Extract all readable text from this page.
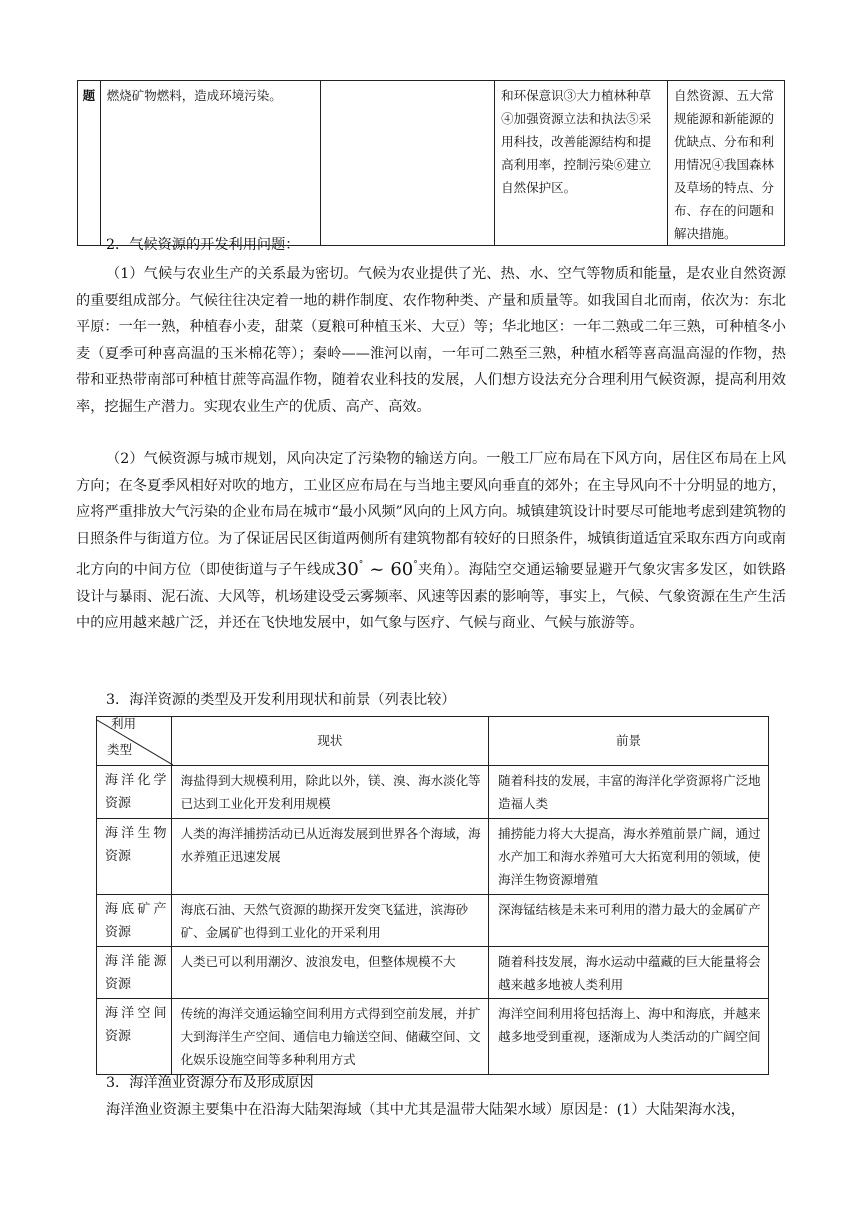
题	燃烧矿物燃料，造成环境污染。		和环保意识③大力植林种草④加强资源立法和执法⑤采用科技，改善能源结构和提高利用率，控制污染⑥建立自然保护区。	自然资源、五大常规能源和新能源的优缺点、分布和利用情况④我国森林及草场的特点、分布、存在的问题和解决措施。
2．气候资源的开发利用问题：
（1）气候与农业生产的关系最为密切。气候为农业提供了光、热、水、空气等物质和能量，是农业自然资源的重要组成部分。气候往往决定着一地的耕作制度、农作物种类、产量和质量等。如我国自北而南，依次为：东北平原：一年一熟，种植春小麦，甜菜（夏粮可种植玉米、大豆）等；华北地区：一年二熟或二年三熟，可种植冬小麦（夏季可种喜高温的玉米棉花等）；秦岭——淮河以南，一年可二熟至三熟，种植水稻等喜高温高湿的作物，热带和亚热带南部可种植甘蔗等高温作物，随着农业科技的发展，人们想方设法充分合理利用气候资源，提高利用效率，挖掘生产潜力。实现农业生产的优质、高产、高效。
（2）气候资源与城市规划，风向决定了污染物的输送方向。一般工厂应布局在下风方向，居住区布局在上风方向；在冬夏季风相好对吹的地方，工业区应布局在与当地主要风向垂直的郊外；在主导风向不十分明显的地方，应将严重排放大气污染的企业布局在城市“最小风频”风向的上风方向。城镇建筑设计时要尽可能地考虑到建筑物的日照条件与街道方位。为了保证居民区街道两侧所有建筑物都有较好的日照条件，城镇街道适宜采取东西方向或南北方向的中间方位（即使街道与子午线成30° ~ 60°夹角）。海陆空交通运输要显避开气象灾害多发区，如铁路设计与暴雨、泥石流、大风等，机场建设受云雾频率、风速等因素的影响等，事实上，气候、气象资源在生产生活中的应用越来越广泛，并还在飞快地发展中，如气象与医疗、气候与商业、气候与旅游等。
3．海洋资源的类型及开发利用现状和前景（列表比较）
利用
类型	现状	前景
海洋化学资源	海盐得到大规模利用，除此以外，镁、溴、海水淡化等已达到工业化开发利用规模	随着科技的发展，丰富的海洋化学资源将广泛地造福人类
海洋生物资源	人类的海洋捕捞活动已从近海发展到世界各个海域，海水养殖正迅速发展	捕捞能力将大大提高，海水养殖前景广阔，通过水产加工和海水养殖可大大拓宽利用的领域，使海洋生物资源增殖
海底矿产资源	海底石油、天然气资源的勘探开发突飞猛进，滨海砂矿、金属矿也得到工业化的开采利用	深海锰结核是未来可利用的潜力最大的金属矿产
海洋能源资源	人类已可以利用潮汐、波浪发电，但整体规模不大	随着科技发展，海水运动中蕴藏的巨大能量将会越来越多地被人类利用
海洋空间资源	传统的海洋交通运输空间利用方式得到空前发展，并扩大到海洋生产空间、通信电力输送空间、储藏空间、文化娱乐设施空间等多种利用方式	海洋空间利用将包括海上、海中和海底，并越来越多地受到重视，逐渐成为人类活动的广阔空间
3．海洋渔业资源分布及形成原因
海洋渔业资源主要集中在沿海大陆架海域（其中尤其是温带大陆架水域）原因是：(1）大陆架海水浅，
